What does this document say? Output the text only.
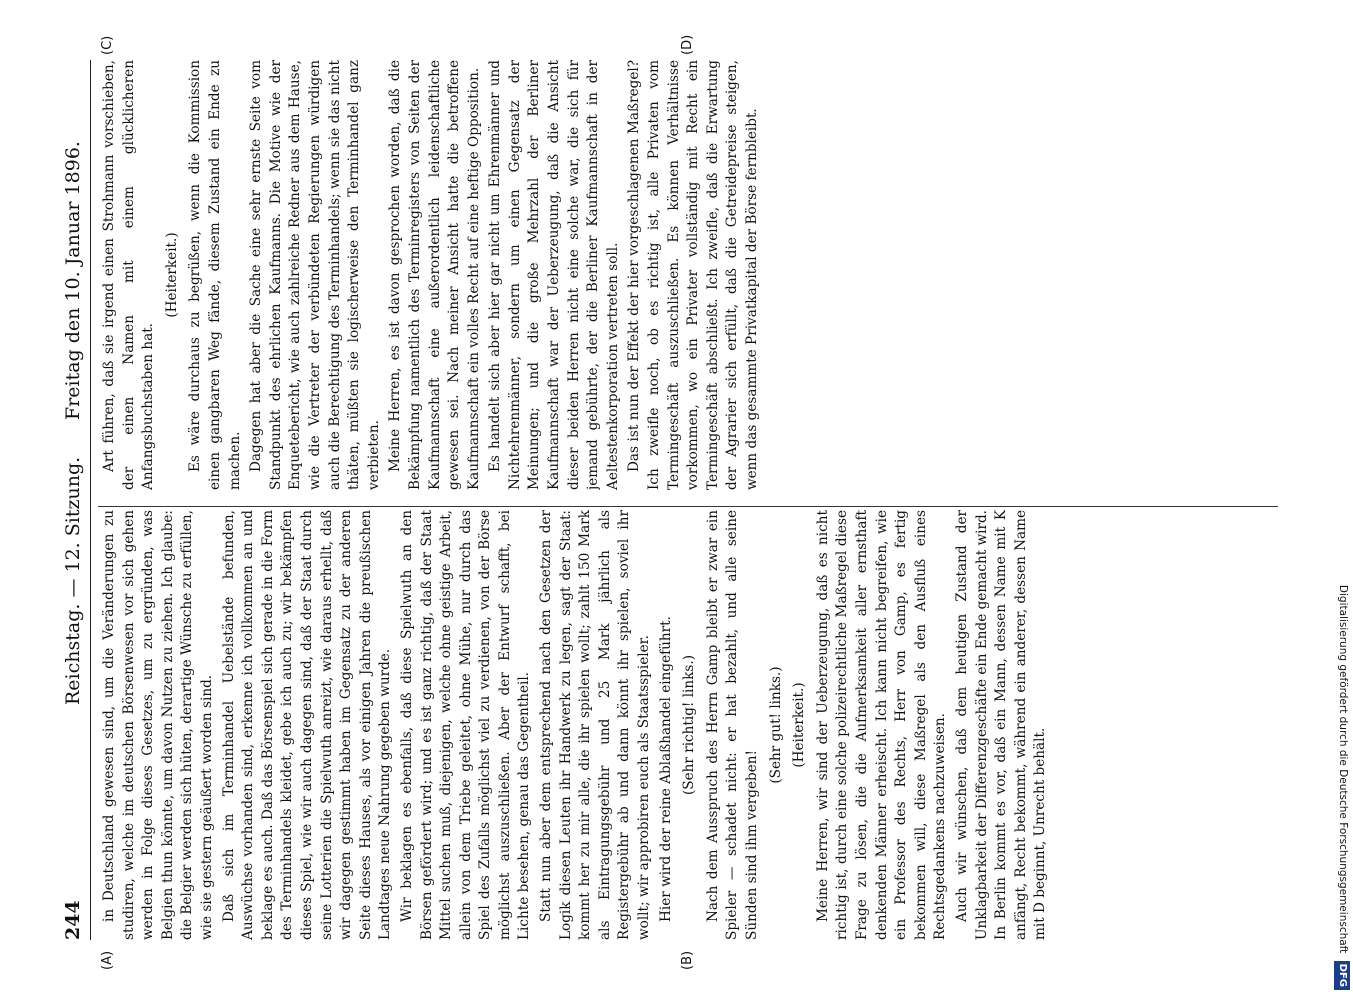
244
Reichstag. — 12. Sitzung.
Freitag den 10. Januar 1896.
(A)	(B)
(C)	(D)

in Deutschland gewesen sind, um die Veränderungen zu studiren, welche im deutschen Börsenwesen vor sich gehen werden in Folge dieses Gesetzes, um zu ergründen, was Belgien thun könnte, um davon Nutzen zu ziehen. Ich glaube: die Belgier werden sich hüten, derartige Wünsche zu erfüllen, wie sie gestern geäußert worden sind. Daß sich im Terminhandel Uebelstände befunden, Auswüchse vorhanden sind, erkenne ich vollkommen an und beklage es auch. Daß das Börsenspiel sich gerade in die Form des Terminhandels kleidet, gebe ich auch zu; wir bekämpfen dieses Spiel, wie wir auch dagegen sind, daß der Staat durch seine Lotterien die Spielwuth anreizt, wie daraus erhellt, daß wir dagegen gestimmt haben im Gegensatz zu der anderen Seite dieses Hauses, als vor einigen Jahren die preußischen Landtages neue Nahrung gegeben wurde. Wir beklagen es ebenfalls, daß diese Spielwuth an den Börsen gefördert wird; und es ist ganz richtig, daß der Staat Mittel suchen muß, diejenigen, welche ohne geistige Arbeit, allein von dem Triebe geleitet, ohne Mühe, nur durch das Spiel des Zufalls möglichst viel zu verdienen, von der Börse möglichst auszuschließen. Aber der Entwurf schafft, bei Lichte besehen, genau das Gegentheil. Statt nun aber dem entsprechend nach den Gesetzen der Logik diesen Leuten ihr Handwerk zu legen, sagt der Staat: kommt her zu mir alle, die ihr spielen wollt; zahlt 150 Mark als Eintragungsgebühr und 25 Mark jährlich als Registergebühr ab und dann könnt ihr spielen, soviel ihr wollt; wir approbiren euch als Staatsspieler. Hier wird der reine Ablaßhandel eingeführt. (Sehr richtig! links.) Nach dem Ausspruch des Herrn Gamp bleibt er zwar ein Spieler — schadet nicht: er hat bezahlt, und alle seine Sünden sind ihm vergeben!

(Sehr gut! links.) (Heiterkeit.) Meine Herren, wir sind der Ueberzeugung, daß es nicht richtig ist, durch eine solche polizeirechtliche Maßregel diese Frage zu lösen, die die Aufmerksamkeit aller ernsthaft denkenden Männer erheischt. Ich kann nicht begreifen, wie ein Professor des Rechts, Herr von Gamp, es fertig bekommen will, diese Maßregel als den Ausfluß eines Rechtsgedankens nachzuweisen. Auch wir wünschen, daß dem heutigen Zustand der Unklagbarkeit der Differenzgeschäfte ein Ende gemacht wird. In Berlin kommt es vor, daß ein Mann, dessen Name mit K anfängt, Recht bekommt, während ein anderer, dessen Name mit D beginnt, Unrecht behält.

Art führen, daß sie irgend einen Strohmann vorschieben, der einen Namen mit einem glücklicheren Anfangsbuchstaben hat.

(Heiterkeit.) Es wäre durchaus zu begrüßen, wenn die Kommission einen gangbaren Weg fände, diesem Zustand ein Ende zu machen. Dagegen hat aber die Sache eine sehr ernste Seite vom Standpunkt des ehrlichen Kaufmanns. Die Motive wie der Enquetebericht, wie auch zahlreiche Redner aus dem Hause, wie die Vertreter der verbündeten Regierungen würdigen auch die Berechtigung des Terminhandels; wenn sie das nicht thäten, müßten sie logischerweise den Terminhandel ganz verbieten. Meine Herren, es ist davon gesprochen worden, daß die Bekämpfung namentlich des Terminregisters von Seiten der Kaufmannschaft eine außerordentlich leidenschaftliche gewesen sei. Nach meiner Ansicht hatte die betroffene Kaufmannschaft ein volles Recht auf eine heftige Opposition. Es handelt sich aber hier gar nicht um Ehrenmänner und Nichtehrenmänner, sondern um einen Gegensatz der Meinungen; und die große Mehrzahl der Berliner Kaufmannschaft war der Ueberzeugung, daß die Ansicht dieser beiden Herren nicht eine solche war, die sich für jemand gebührte, der die Berliner Kaufmannschaft in der Aeltestenkorporation vertreten soll. Das ist nun der Effekt der hier vorgeschlagenen Maßregel? Ich zweifle noch, ob es richtig ist, alle Privaten vom Termingeschäft auszuschließen. Es können Verhältnisse vorkommen, wo ein Privater vollständig mit Recht ein Termingeschäft abschließt. Ich zweifle, daß die Erwartung der Agrarier sich erfüllt, daß die Getreidepreise steigen, wenn das gesammte Privatkapital der Börse fernbleibt.

Digitalisierung gefördert durch die Deutsche Forschungsgemeinschaft DFG
